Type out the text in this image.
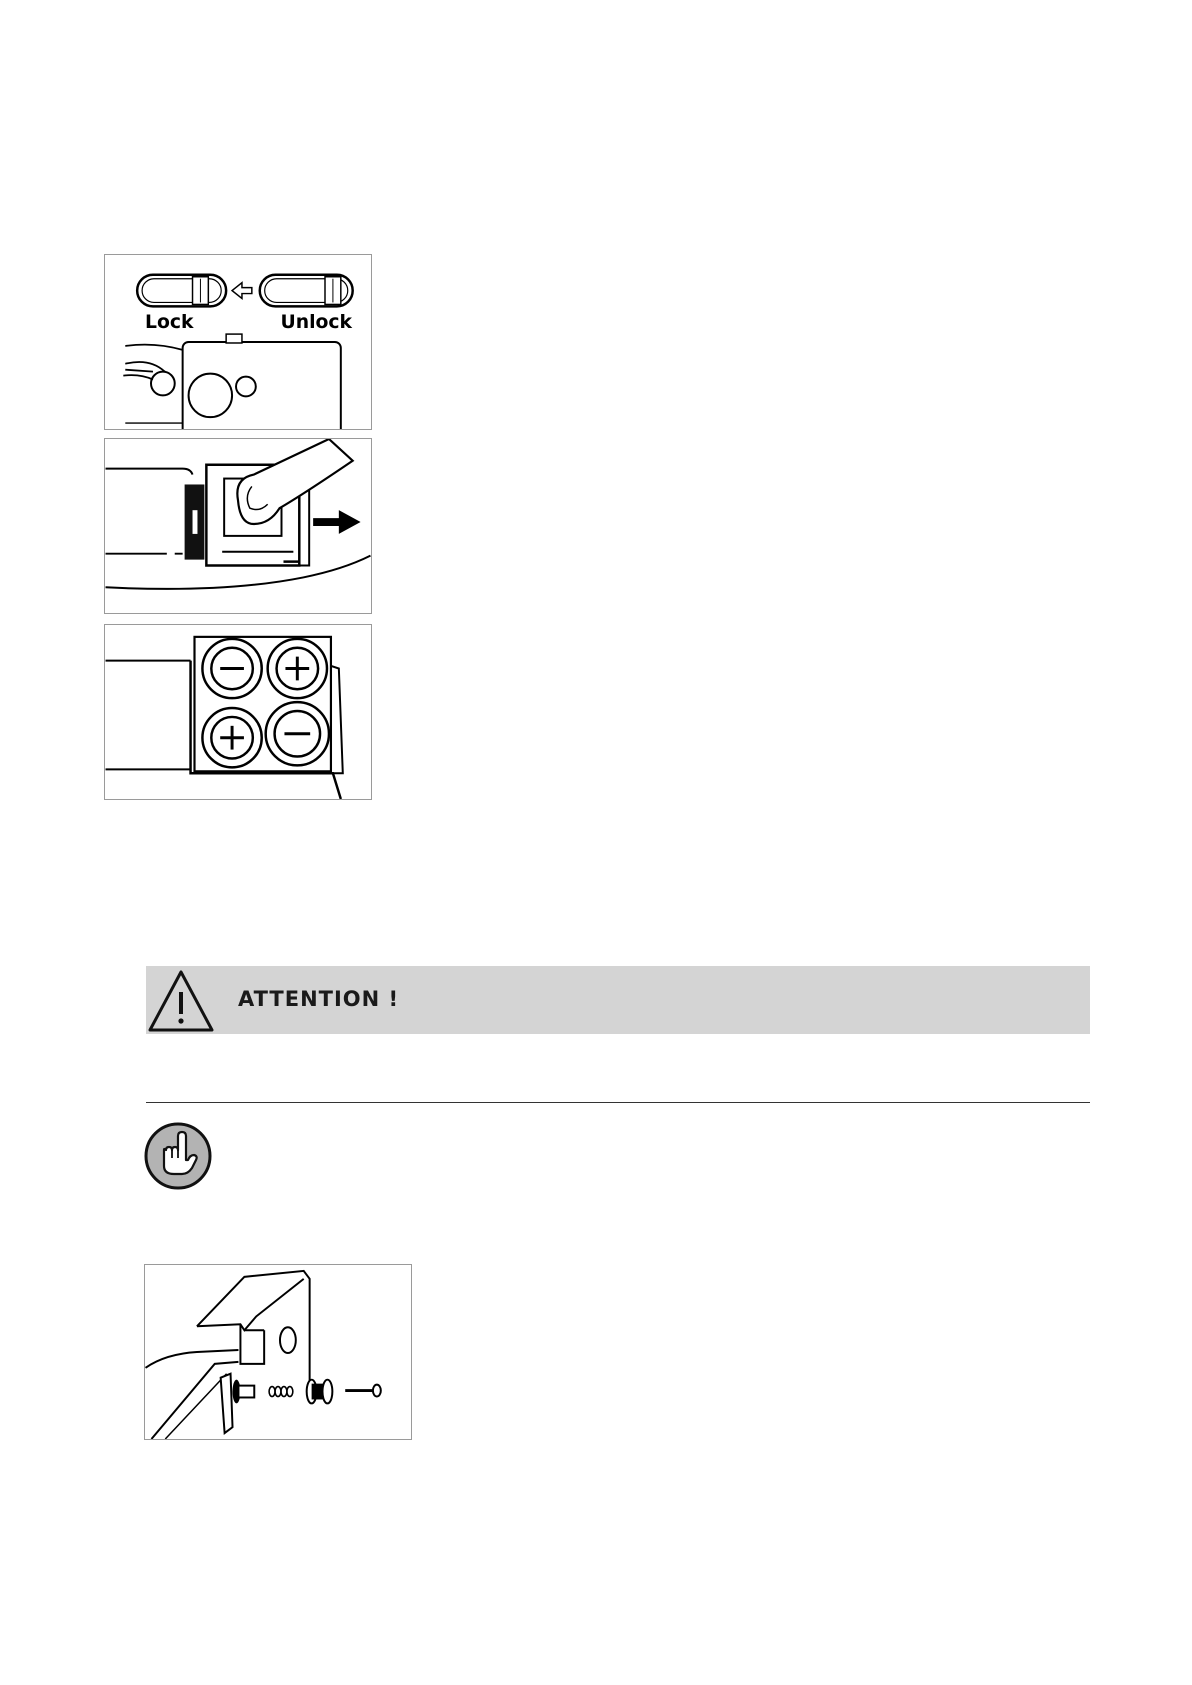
Lock	Unlock
ATTENTION !
